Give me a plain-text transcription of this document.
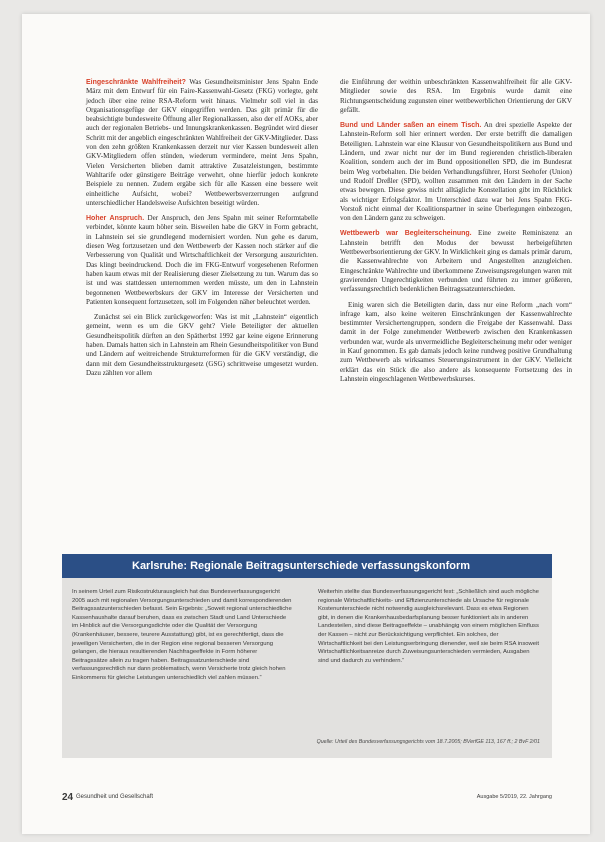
Eingeschränkte Wahlfreiheit? Was Gesundheitsminister Jens Spahn Ende März mit dem Entwurf für ein Faire-Kassenwahl-Gesetz (FKG) vorlegte, geht jedoch über eine reine RSA-Reform weit hinaus. Vielmehr soll viel in das Organisationsgefüge der GKV eingegriffen werden. Das gilt primär für die beabsichtigte bundesweite Öffnung aller Regionalkassen, also der elf AOKs, aber auch der regionalen Betriebs- und Innungskrankenkassen. Begründet wird dieser Schritt mit der angeblich eingeschränkten Wahlfreiheit der GKV-Mitglieder. Dass von den zehn größten Krankenkassen derzeit nur vier Kassen bundesweit allen GKV-Mitgliedern offen stünden, wiederum vermindere, meint Jens Spahn, Vielen Versicherten blieben damit attraktive Zusatzleistungen, bestimmte Wahltarife oder günstigere Beiträge verwehrt, ohne hierfür jedoch konkrete Beispiele zu nennen. Zudem ergäbe sich für alle Kassen eine bessere weit einheitliche Aufsicht, wobei? Wettbewerbsverzerrungen aufgrund unterschiedlicher Handelsweise Aufsichten beseitigt würden.

Hoher Anspruch. Der Anspruch, den Jens Spahn mit seiner Reformtabelle verbindet, könnte kaum höher sein. Bisweilen habe die GKV in Form gebracht, in Lahnstein sei sie grundlegend modernisiert worden. Nun gehe es darum, diesen Weg fortzusetzen und den Wettbewerb der Kassen noch stärker auf die Verbesserung von Qualität und Wirtschaftlichkeit der Versorgung auszurichten. Das klingt beeindruckend. Doch die im FKG-Entwurf vorgesehenen Reformen haben kaum etwas mit der Realisierung dieser Zielsetzung zu tun. Warum das so ist und was stattdessen unternommen werden müsste, um den in Lahnstein begonnenen Wettbewerbskurs der GKV im Interesse der Versicherten und Patienten konsequent fortzusetzen, soll im Folgenden näher beleuchtet werden.

Zunächst sei ein Blick zurückgeworfen: Was ist mit „Lahnstein“ eigentlich gemeint, wenn es um die GKV geht? Viele Beteiligter der aktuellen Gesundheitspolitik dürften an den Spätherbst 1992 gar keine eigene Erinnerung haben. Damals hatten sich in Lahnstein am Rhein Gesundheitspolitiker von Bund und Ländern auf weitreichende Strukturreformen für die GKV verständigt, die dann mit dem Gesundheitsstrukturgesetz (GSG) schrittweise umgesetzt wurden. Dazu zählten vor allem

die Einführung der weithin unbeschränkten Kassenwahlfreiheit für alle GKV-Mitglieder sowie des RSA. Im Ergebnis wurde damit eine Richtungsentscheidung zugunsten einer wettbewerblichen Orientierung der GKV gefällt.

Bund und Länder saßen an einem Tisch. An drei spezielle Aspekte der Lahnstein-Reform soll hier erinnert werden. Der erste betrifft die damaligen Beteiligten. Lahnstein war eine Klausur von Gesundheitspolitikern aus Bund und Ländern, und zwar nicht nur der im Bund regierenden christlich-liberalen Koalition, sondern auch der im Bund oppositionellen SPD, die im Bundesrat beim Weg vorbehalten. Die beiden Verhandlungsführer, Horst Seehofer (Union) und Rudolf Dreßler (SPD), wollten zusammen mit den Ländern in der Sache etwas bewegen. Diese gewiss nicht alltägliche Konstellation gibt im Rückblick als wichtiger Erfolgsfaktor. Im Unterschied dazu war bei Jens Spahn FKG-Vorstoß nicht einmal der Koalitionspartner in seine Überlegungen einbezogen, von den Ländern ganz zu schweigen.

Wettbewerb war Begleiterscheinung. Eine zweite Reminiszenz an Lahnstein betrifft den Modus der bewusst herbeigeführten Wettbewerbsorientierung der GKV. In Wirklichkeit ging es damals primär darum, die Kassenwahlrechte von Arbeitern und Angestellten anzugleichen. Eingeschränkte Wahlrechte und überkommene Zuweisungsregelungen waren mit gravierenden Ungerechtigkeiten verbunden und führten zu immer größeren, verfassungsrechtlich bedenklichen Beitragssatzunterschieden.

Einig waren sich die Beteiligten darin, dass nur eine Reform „nach vorn“ infrage kam, also keine weiteren Einschränkungen der Kassenwahlrechte bestimmter Versichertengruppen, sondern die Freigabe der Kassenwahl. Dass damit in der Folge zunehmender Wettbewerb zwischen den Krankenkassen verbunden war, wurde als unvermeidliche Begleiterscheinung mehr oder weniger in Kauf genommen. Es gab damals jedoch keine rundweg positive Grundhaltung zum Wettbewerb als wirksames Steuerungsinstrument in der GKV. Vielleicht erklärt das ein Stück die also andere als konsequente Fortsetzung des in Lahnstein eingeschlagenen Wettbewerbskurses.

Karlsruhe: Regionale Beitragsunterschiede verfassungskonform
In seinem Urteil zum Risikostrukturausgleich hat das Bundesverfassungsgericht 2005 auch mit regionalen Versorgungsunterschieden und damit korrespondierenden Beitragssatzunterschieden befasst. Sein Ergebnis: „Soweit regional unterschiedliche Kassenhaushalte darauf beruhen, dass es zwischen Stadt und Land Unterschiede im Hinblick auf die Versorgungsdichte oder die Qualität der Versorgung (Krankenhäuser, bessere, teurere Ausstattung) gibt, ist es gerechtfertigt, dass die jeweiligen Versicherten, die in der Region eine regional besseren Versorgung gelangen, die hieraus resultierenden Nachfrageeffekte in Form höherer Beitragssätze allein zu tragen haben. Beitragssatzunterschiede sind verfassungsrechtlich nur dann problematisch, wenn Versicherte trotz gleich hohen Einkommens für gleiche Leistungen unterschiedlich viel zahlen müssen.“
Weiterhin stellte das Bundesverfassungsgericht fest: „Schließlich sind auch mögliche regionale Wirtschaftlichkeits- und Effizienzunterschiede als Ursache für regionale Kostenunterschiede nicht notwendig ausgleichsrelevant. Dass es etwa Regionen gibt, in denen die Krankenhausbedarfsplanung besser funktioniert als in anderen Landesteilen, sind diese Beitragseffekte – unabhängig von einem möglichen Einfluss der Kassen – nicht zur Berücksichtigung verpflichtet. Ein solches, der Wirtschaftlichkeit bei den Leistungserbringung dienender, weil sie beim RSA insoweit Wirtschaftlichkeitsanreize durch Zuweisungsunterschieden vermieden, Ausgaben sind und dadurch zu verhindern.“
Quelle: Urteil des Bundesverfassungsgerichts vom 18.7.2005; BVerfGE 113, 167 ff.; 2 BvF 2/01
24 Gesundheit und Gesellschaft	Ausgabe 5/2019, 22. Jahrgang
